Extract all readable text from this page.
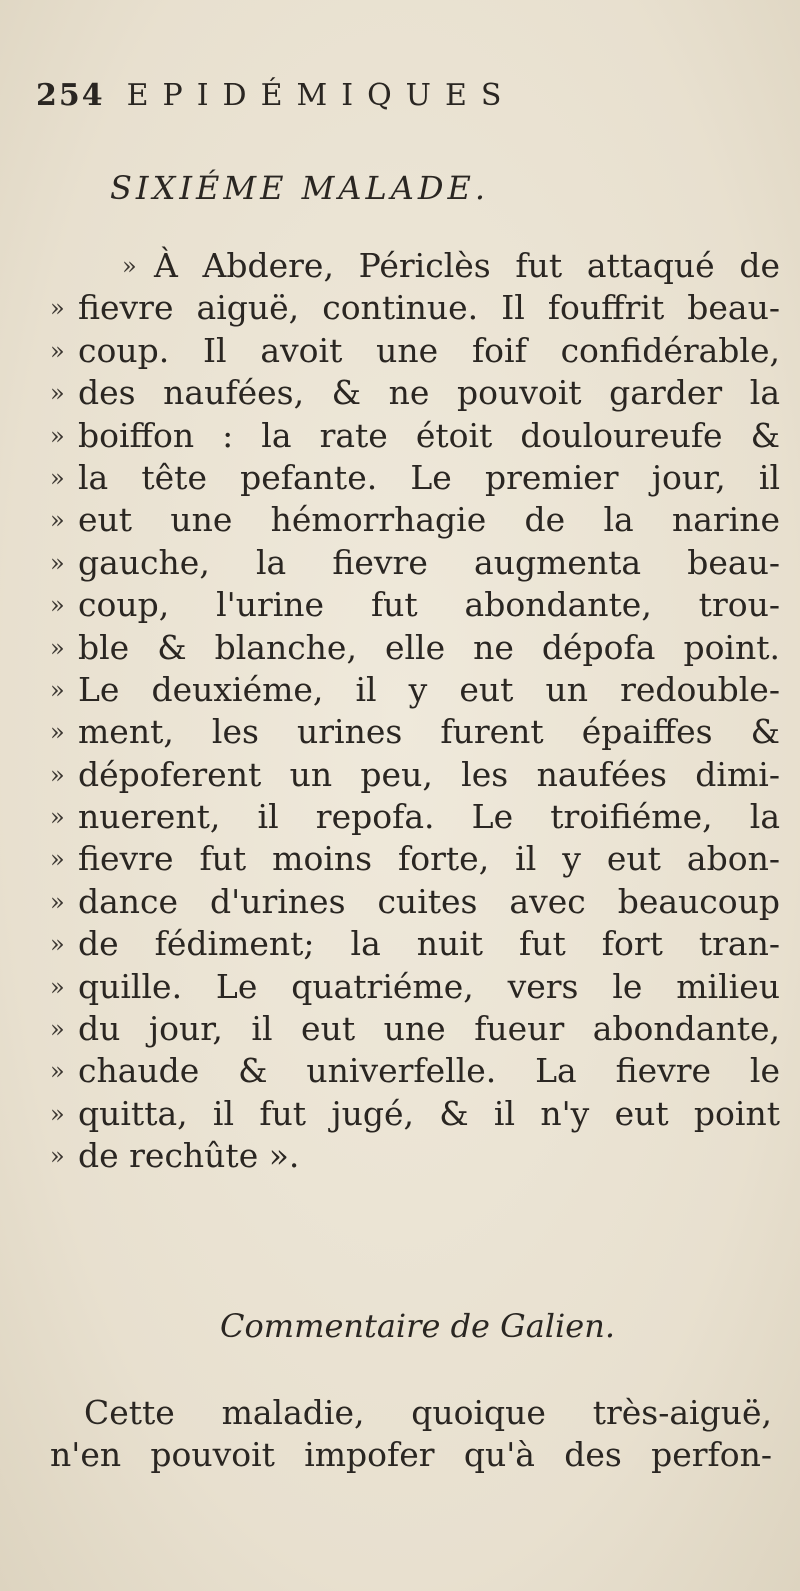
254 EPIDÉMIQUES
SIXIÉME MALADE.
» À Abdere, Périclès fut attaqué de
» fievre aiguë, continue. Il fouffrit beau-
» coup. Il avoit une foif confidérable,
» des naufées, & ne pouvoit garder la
» boiffon : la rate étoit douloureufe &
» la tête pefante. Le premier jour, il
» eut une hémorrhagie de la narine
» gauche, la fievre augmenta beau-
» coup, l'urine fut abondante, trou-
» ble & blanche, elle ne dépofa point.
» Le deuxiéme, il y eut un redouble-
» ment, les urines furent épaiffes &
» dépoferent un peu, les naufées dimi-
» nuerent, il repofa. Le troifiéme, la
» fievre fut moins forte, il y eut abon-
» dance d'urines cuites avec beaucoup
» de fédiment; la nuit fut fort tran-
» quille. Le quatriéme, vers le milieu
» du jour, il eut une fueur abondante,
» chaude & univerfelle. La fievre le
» quitta, il fut jugé, & il n'y eut point
» de rechûte ».
Commentaire de Galien.
Cette maladie, quoique très-aiguë,
n'en pouvoit impofer qu'à des perfon-
